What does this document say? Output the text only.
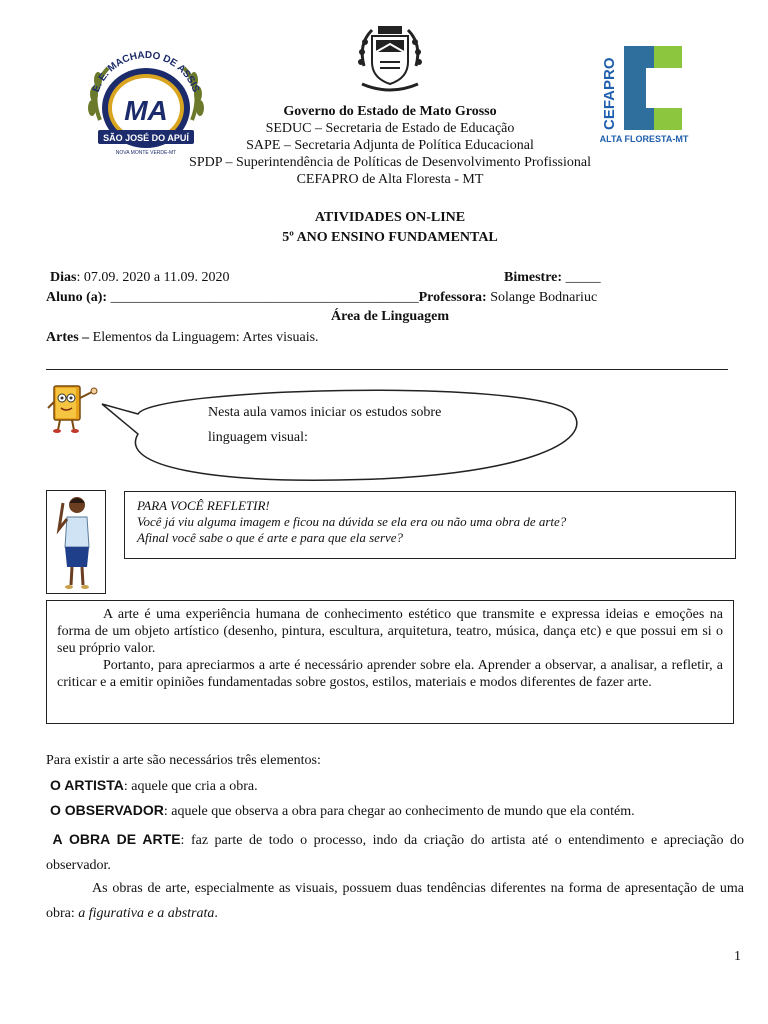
E. E. MACHADO DE ASSIS
MA
SÃO JOSÉ DO APUÍ
NOVA MONTE VERDE-MT
CEFAPRO
ALTA FLORESTA-MT
Governo do Estado de Mato Grosso
SEDUC – Secretaria de Estado de Educação
SAPE – Secretaria Adjunta de Política Educacional
SPDP – Superintendência de Políticas de Desenvolvimento Profissional
CEFAPRO de Alta Floresta - MT
ATIVIDADES ON-LINE
5º ANO ENSINO FUNDAMENTAL
Dias: 07.09. 2020 a 11.09. 2020	Bimestre: _____
Aluno (a): ____________________________________________Professora: Solange Bodnariuc
Área de Linguagem
Artes – Elementos da Linguagem: Artes visuais.
Nesta aula vamos iniciar os estudos sobre
linguagem visual:
PARA VOCÊ REFLETIR!
Você já viu alguma imagem e ficou na dúvida se ela era ou não uma obra de arte?
Afinal você sabe o que é arte e para que ela serve?
A arte é uma experiência humana de conhecimento estético que transmite e expressa ideias e emoções na forma de um objeto artístico (desenho, pintura, escultura, arquitetura, teatro, música, dança etc) e que possui em si o seu próprio valor.
Portanto, para apreciarmos a arte é necessário aprender sobre ela. Aprender a observar, a analisar, a refletir, a criticar e a emitir opiniões fundamentadas sobre gostos, estilos, materiais e modos diferentes de fazer arte.
Para existir a arte são necessários três elementos:
O ARTISTA: aquele que cria a obra.
O OBSERVADOR: aquele que observa a obra para chegar ao conhecimento de mundo que ela contém.
A OBRA DE ARTE: faz parte de todo o processo, indo da criação do artista até o entendimento e apreciação do observador.
As obras de arte, especialmente as visuais, possuem duas tendências diferentes na forma de apresentação de uma obra: a figurativa e a abstrata.
1
